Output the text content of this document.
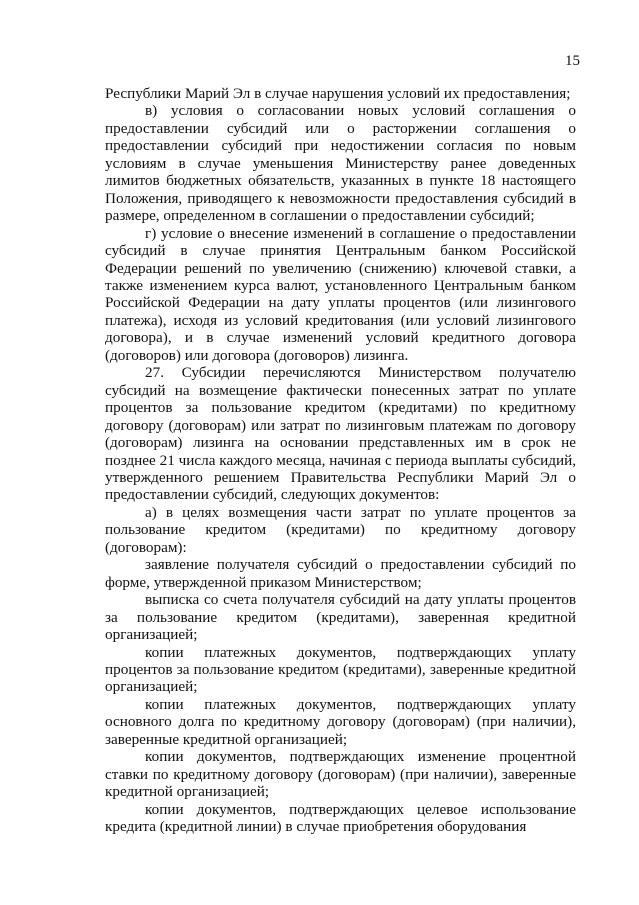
15

Республики Марий Эл в случае нарушения условий их предоставления;

в) условия о согласовании новых условий соглашения о предоставлении субсидий или о расторжении соглашения о предоставлении субсидий при недостижении согласия по новым условиям в случае уменьшения Министерству ранее доведенных лимитов бюджетных обязательств, указанных в пункте 18 настоящего Положения, приводящего к невозможности предоставления субсидий в размере, определенном в соглашении о предоставлении субсидий;

г) условие о внесение изменений в соглашение о предоставлении субсидий в случае принятия Центральным банком Российской Федерации решений по увеличению (снижению) ключевой ставки, а также изменением курса валют, установленного Центральным банком Российской Федерации на дату уплаты процентов (или лизингового платежа), исходя из условий кредитования (или условий лизингового договора), и в случае изменений условий кредитного договора (договоров) или договора (договоров) лизинга.

27. Субсидии перечисляются Министерством получателю субсидий на возмещение фактически понесенных затрат по уплате процентов за пользование кредитом (кредитами) по кредитному договору (договорам) или затрат по лизинговым платежам по договору (договорам) лизинга на основании представленных им в срок не позднее 21 числа каждого месяца, начиная с периода выплаты субсидий, утвержденного решением Правительства Республики Марий Эл о предоставлении субсидий, следующих документов:

а) в целях возмещения части затрат по уплате процентов за пользование кредитом (кредитами) по кредитному договору (договорам):

заявление получателя субсидий о предоставлении субсидий по форме, утвержденной приказом Министерством;

выписка со счета получателя субсидий на дату уплаты процентов за пользование кредитом (кредитами), заверенная кредитной организацией;

копии платежных документов, подтверждающих уплату процентов за пользование кредитом (кредитами), заверенные кредитной организацией;

копии платежных документов, подтверждающих уплату основного долга по кредитному договору (договорам) (при наличии), заверенные кредитной организацией;

копии документов, подтверждающих изменение процентной ставки по кредитному договору (договорам) (при наличии), заверенные кредитной организацией;

копии документов, подтверждающих целевое использование кредита (кредитной линии) в случае приобретения оборудования
